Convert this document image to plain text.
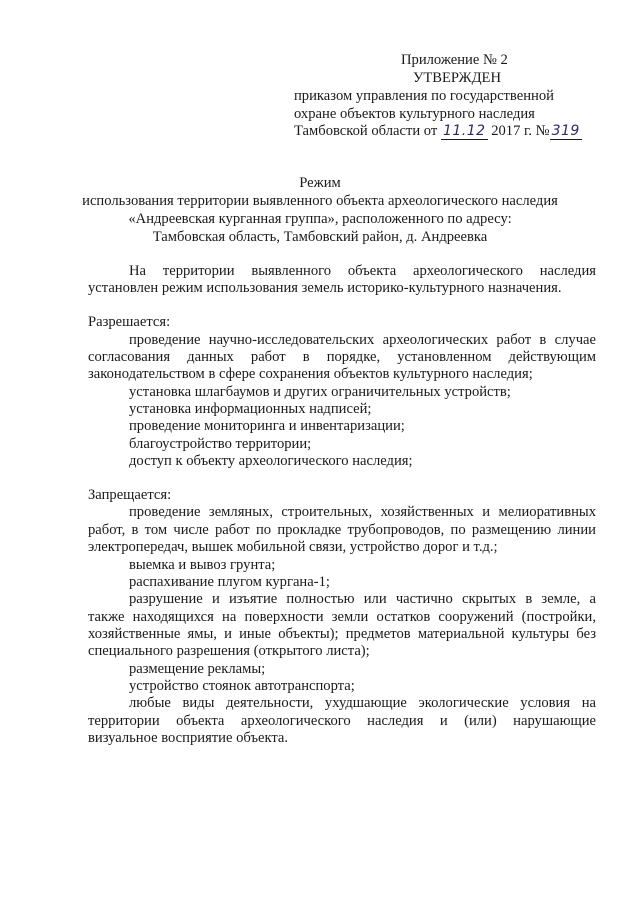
Приложение № 2
УТВЕРЖДЕН
приказом управления по государственной
охране объектов культурного наследия
Тамбовской области от 11.12 2017 г. № 319
Режим
использования территории выявленного объекта археологического наследия
«Андреевская курганная группа», расположенного по адресу:
Тамбовская область, Тамбовский район, д. Андреевка
На территории выявленного объекта археологического наследия
установлен режим использования земель историко-культурного назначения.
Разрешается:
проведение научно-исследовательских археологических работ в случае
согласования данных работ в порядке, установленном действующим
законодательством в сфере сохранения объектов культурного наследия;
установка шлагбаумов и других ограничительных устройств;
установка информационных надписей;
проведение мониторинга и инвентаризации;
благоустройство территории;
доступ к объекту археологического наследия;
Запрещается:
проведение земляных, строительных, хозяйственных и мелиоративных
работ, в том числе работ по прокладке трубопроводов, по размещению линии
электропередач, вышек мобильной связи, устройство дорог и т.д.;
выемка и вывоз грунта;
распахивание плугом кургана-1;
разрушение и изъятие полностью или частично скрытых в земле, а
также находящихся на поверхности земли остатков сооружений (постройки,
хозяйственные ямы, и иные объекты); предметов материальной культуры без
специального разрешения (открытого листа);
размещение рекламы;
устройство стоянок автотранспорта;
любые виды деятельности, ухудшающие экологические условия на
территории объекта археологического наследия и (или) нарушающие
визуальное восприятие объекта.
